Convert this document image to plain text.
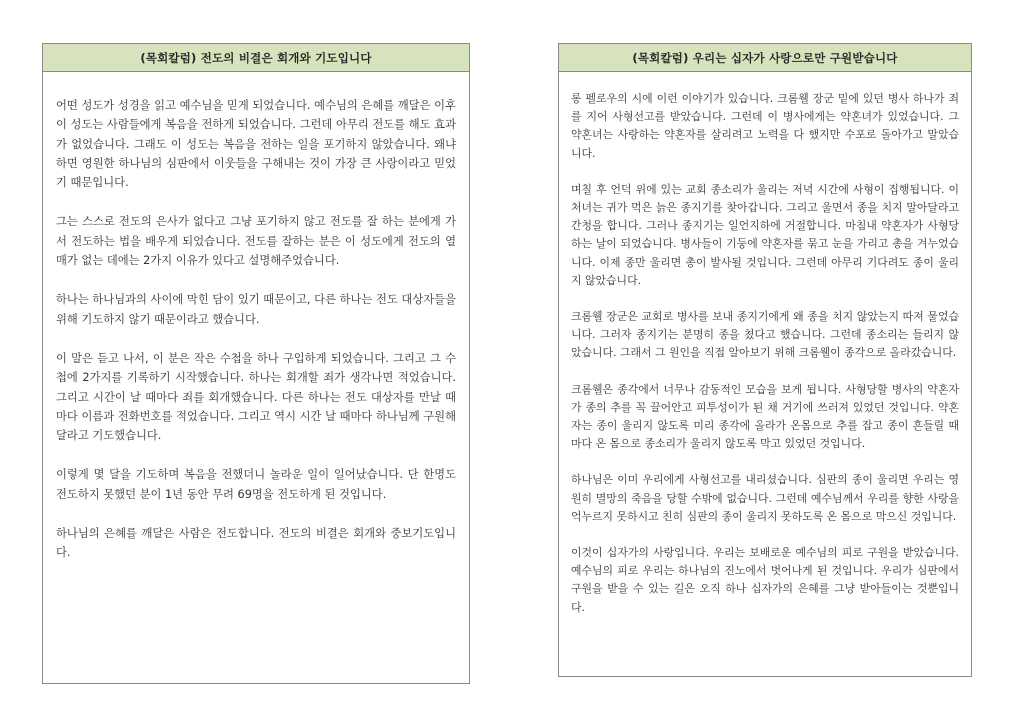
(목회칼럼) 전도의 비결은 회개와 기도입니다

어떤 성도가 성경을 읽고 예수님을 믿게 되었습니다. 예수님의 은혜를 깨달은 이후 이 성도는 사람들에게 복음을 전하게 되었습니다. 그런데 아무리 전도를 해도 효과가 없었습니다. 그래도 이 성도는 복음을 전하는 일을 포기하지 않았습니다. 왜냐하면 영원한 하나님의 심판에서 이웃들을 구해내는 것이 가장 큰 사랑이라고 믿었기 때문입니다.

그는 스스로 전도의 은사가 없다고 그냥 포기하지 않고 전도를 잘 하는 분에게 가서 전도하는 법을 배우게 되었습니다. 전도를 잘하는 분은 이 성도에게 전도의 열매가 없는 데에는 2가지 이유가 있다고 설명해주었습니다.

하나는 하나님과의 사이에 막힌 담이 있기 때문이고, 다른 하나는 전도 대상자들을 위해 기도하지 않기 때문이라고 했습니다.

이 말은 듣고 나서, 이 분은 작은 수첩을 하나 구입하게 되었습니다. 그리고 그 수첩에 2가지를 기록하기 시작했습니다. 하나는 회개할 죄가 생각나면 적었습니다. 그리고 시간이 날 때마다 죄를 회개했습니다. 다른 하나는 전도 대상자를 만날 때마다 이름과 전화번호를 적었습니다. 그리고 역시 시간 날 때마다 하나님께 구원해달라고 기도했습니다.

이렇게 몇 달을 기도하며 복음을 전했더니 놀라운 일이 일어났습니다. 단 한명도 전도하지 못했던 분이 1년 동안 무려 69명을 전도하게 된 것입니다.

하나님의 은혜를 깨달은 사람은 전도합니다. 전도의 비결은 회개와 중보기도입니다.

(목회칼럼) 우리는 십자가 사랑으로만 구원받습니다

롱 펠로우의 시에 이런 이야기가 있습니다. 크롬웰 장군 밑에 있던 병사 하나가 죄를 지어 사형선고를 받았습니다. 그런데 이 병사에게는 약혼녀가 있었습니다. 그 약혼녀는 사랑하는 약혼자를 살리려고 노력을 다 했지만 수포로 돌아가고 말았습니다.

며칠 후 언덕 위에 있는 교회 종소리가 울리는 저녁 시간에 사형이 집행됩니다. 이 처녀는 귀가 먹은 늙은 종지기를 찾아갑니다. 그리고 울면서 종을 치지 말아달라고 간청을 합니다. 그러나 종지기는 일언지하에 거절합니다. 마침내 약혼자가 사형당하는 날이 되었습니다. 병사들이 기둥에 약혼자를 묶고 눈을 가리고 총을 겨누었습니다. 이제 종만 울리면 총이 발사될 것입니다. 그런데 아무리 기다려도 종이 울리지 않았습니다.

크롬웰 장군은 교회로 병사를 보내 종지기에게 왜 종을 치지 않았는지 따져 물었습니다. 그러자 종지기는 분명히 종을 쳤다고 했습니다. 그런데 종소리는 들리지 않았습니다. 그래서 그 원인을 직접 알아보기 위해 크롬웰이 종각으로 올라갔습니다.

크롬웰은 종각에서 너무나 감동적인 모습을 보게 됩니다. 사형당할 병사의 약혼자가 종의 추를 꼭 끌어안고 피투성이가 된 채 거기에 쓰러져 있었던 것입니다. 약혼자는 종이 울리지 않도록 미리 종각에 올라가 온몸으로 추를 잡고 종이 흔들릴 때마다 온 몸으로 종소리가 울리지 않도록 막고 있었던 것입니다.

하나님은 이미 우리에게 사형선고를 내리셨습니다. 심판의 종이 울리면 우리는 영원히 멸망의 죽음을 당할 수밖에 없습니다. 그런데 예수님께서 우리를 향한 사랑을 억누르지 못하시고 친히 심판의 종이 울리지 못하도록 온 몸으로 막으신 것입니다.

이것이 십자가의 사랑입니다. 우리는 보배로운 예수님의 피로 구원을 받았습니다. 예수님의 피로 우리는 하나님의 진노에서 벗어나게 된 것입니다. 우리가 심판에서 구원을 받을 수 있는 길은 오직 하나 십자가의 은혜를 그냥 받아들이는 것뿐입니다.
